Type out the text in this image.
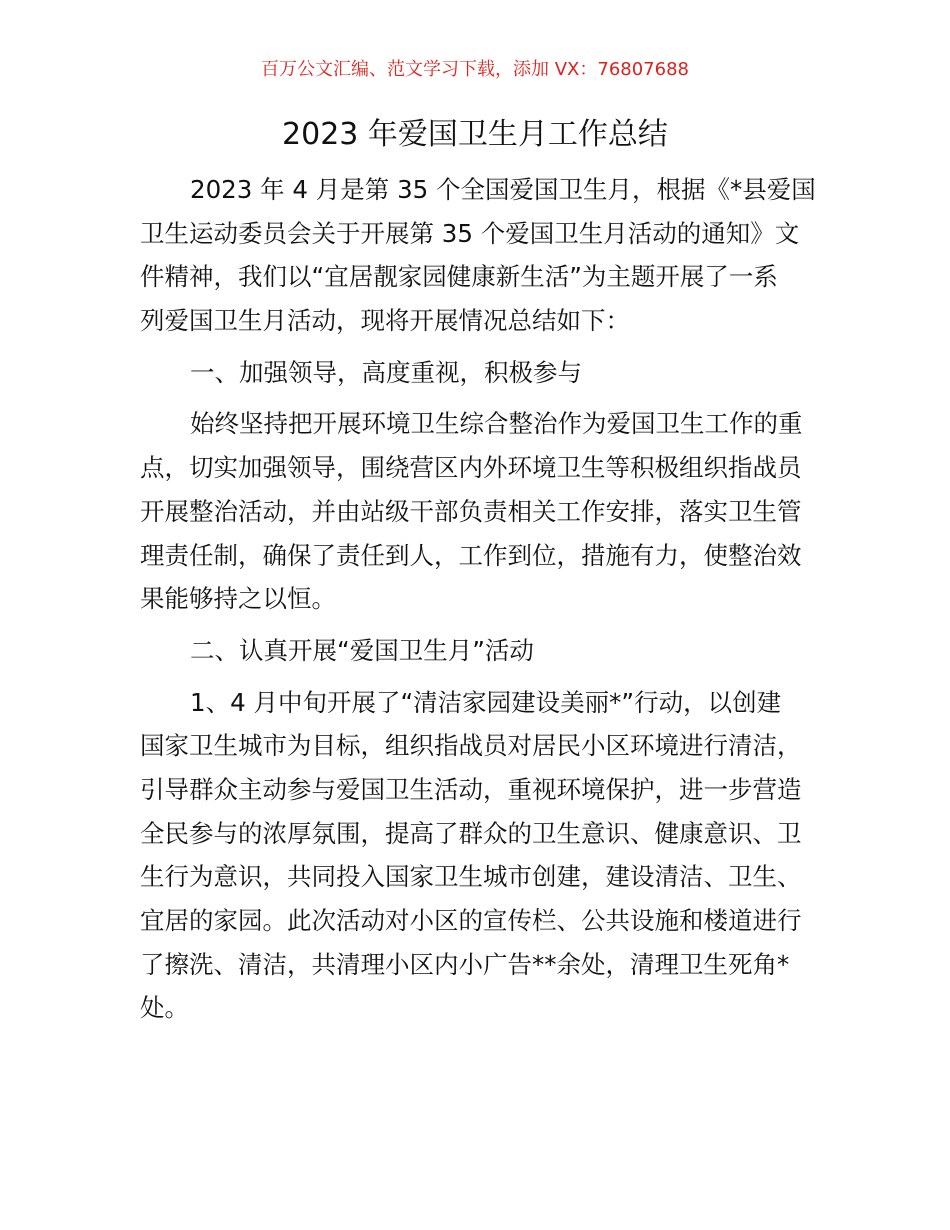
百万公文汇编、范文学习下载，添加 VX：76807688
2023 年爱国卫生月工作总结
2023 年 4 月是第 35 个全国爱国卫生月，根据《*县爱国
卫生运动委员会关于开展第 35 个爱国卫生月活动的通知》文
件精神，我们以“宜居靓家园健康新生活”为主题开展了一系
列爱国卫生月活动，现将开展情况总结如下：
一、加强领导，高度重视，积极参与
始终坚持把开展环境卫生综合整治作为爱国卫生工作的重
点，切实加强领导，围绕营区内外环境卫生等积极组织指战员
开展整治活动，并由站级干部负责相关工作安排，落实卫生管
理责任制，确保了责任到人，工作到位，措施有力，使整治效
果能够持之以恒。
二、认真开展“爱国卫生月”活动
1、4 月中旬开展了“清洁家园建设美丽*”行动，以创建
国家卫生城市为目标，组织指战员对居民小区环境进行清洁，
引导群众主动参与爱国卫生活动，重视环境保护，进一步营造
全民参与的浓厚氛围，提高了群众的卫生意识、健康意识、卫
生行为意识，共同投入国家卫生城市创建，建设清洁、卫生、
宜居的家园。此次活动对小区的宣传栏、公共设施和楼道进行
了擦洗、清洁，共清理小区内小广告**余处，清理卫生死角*
处。
